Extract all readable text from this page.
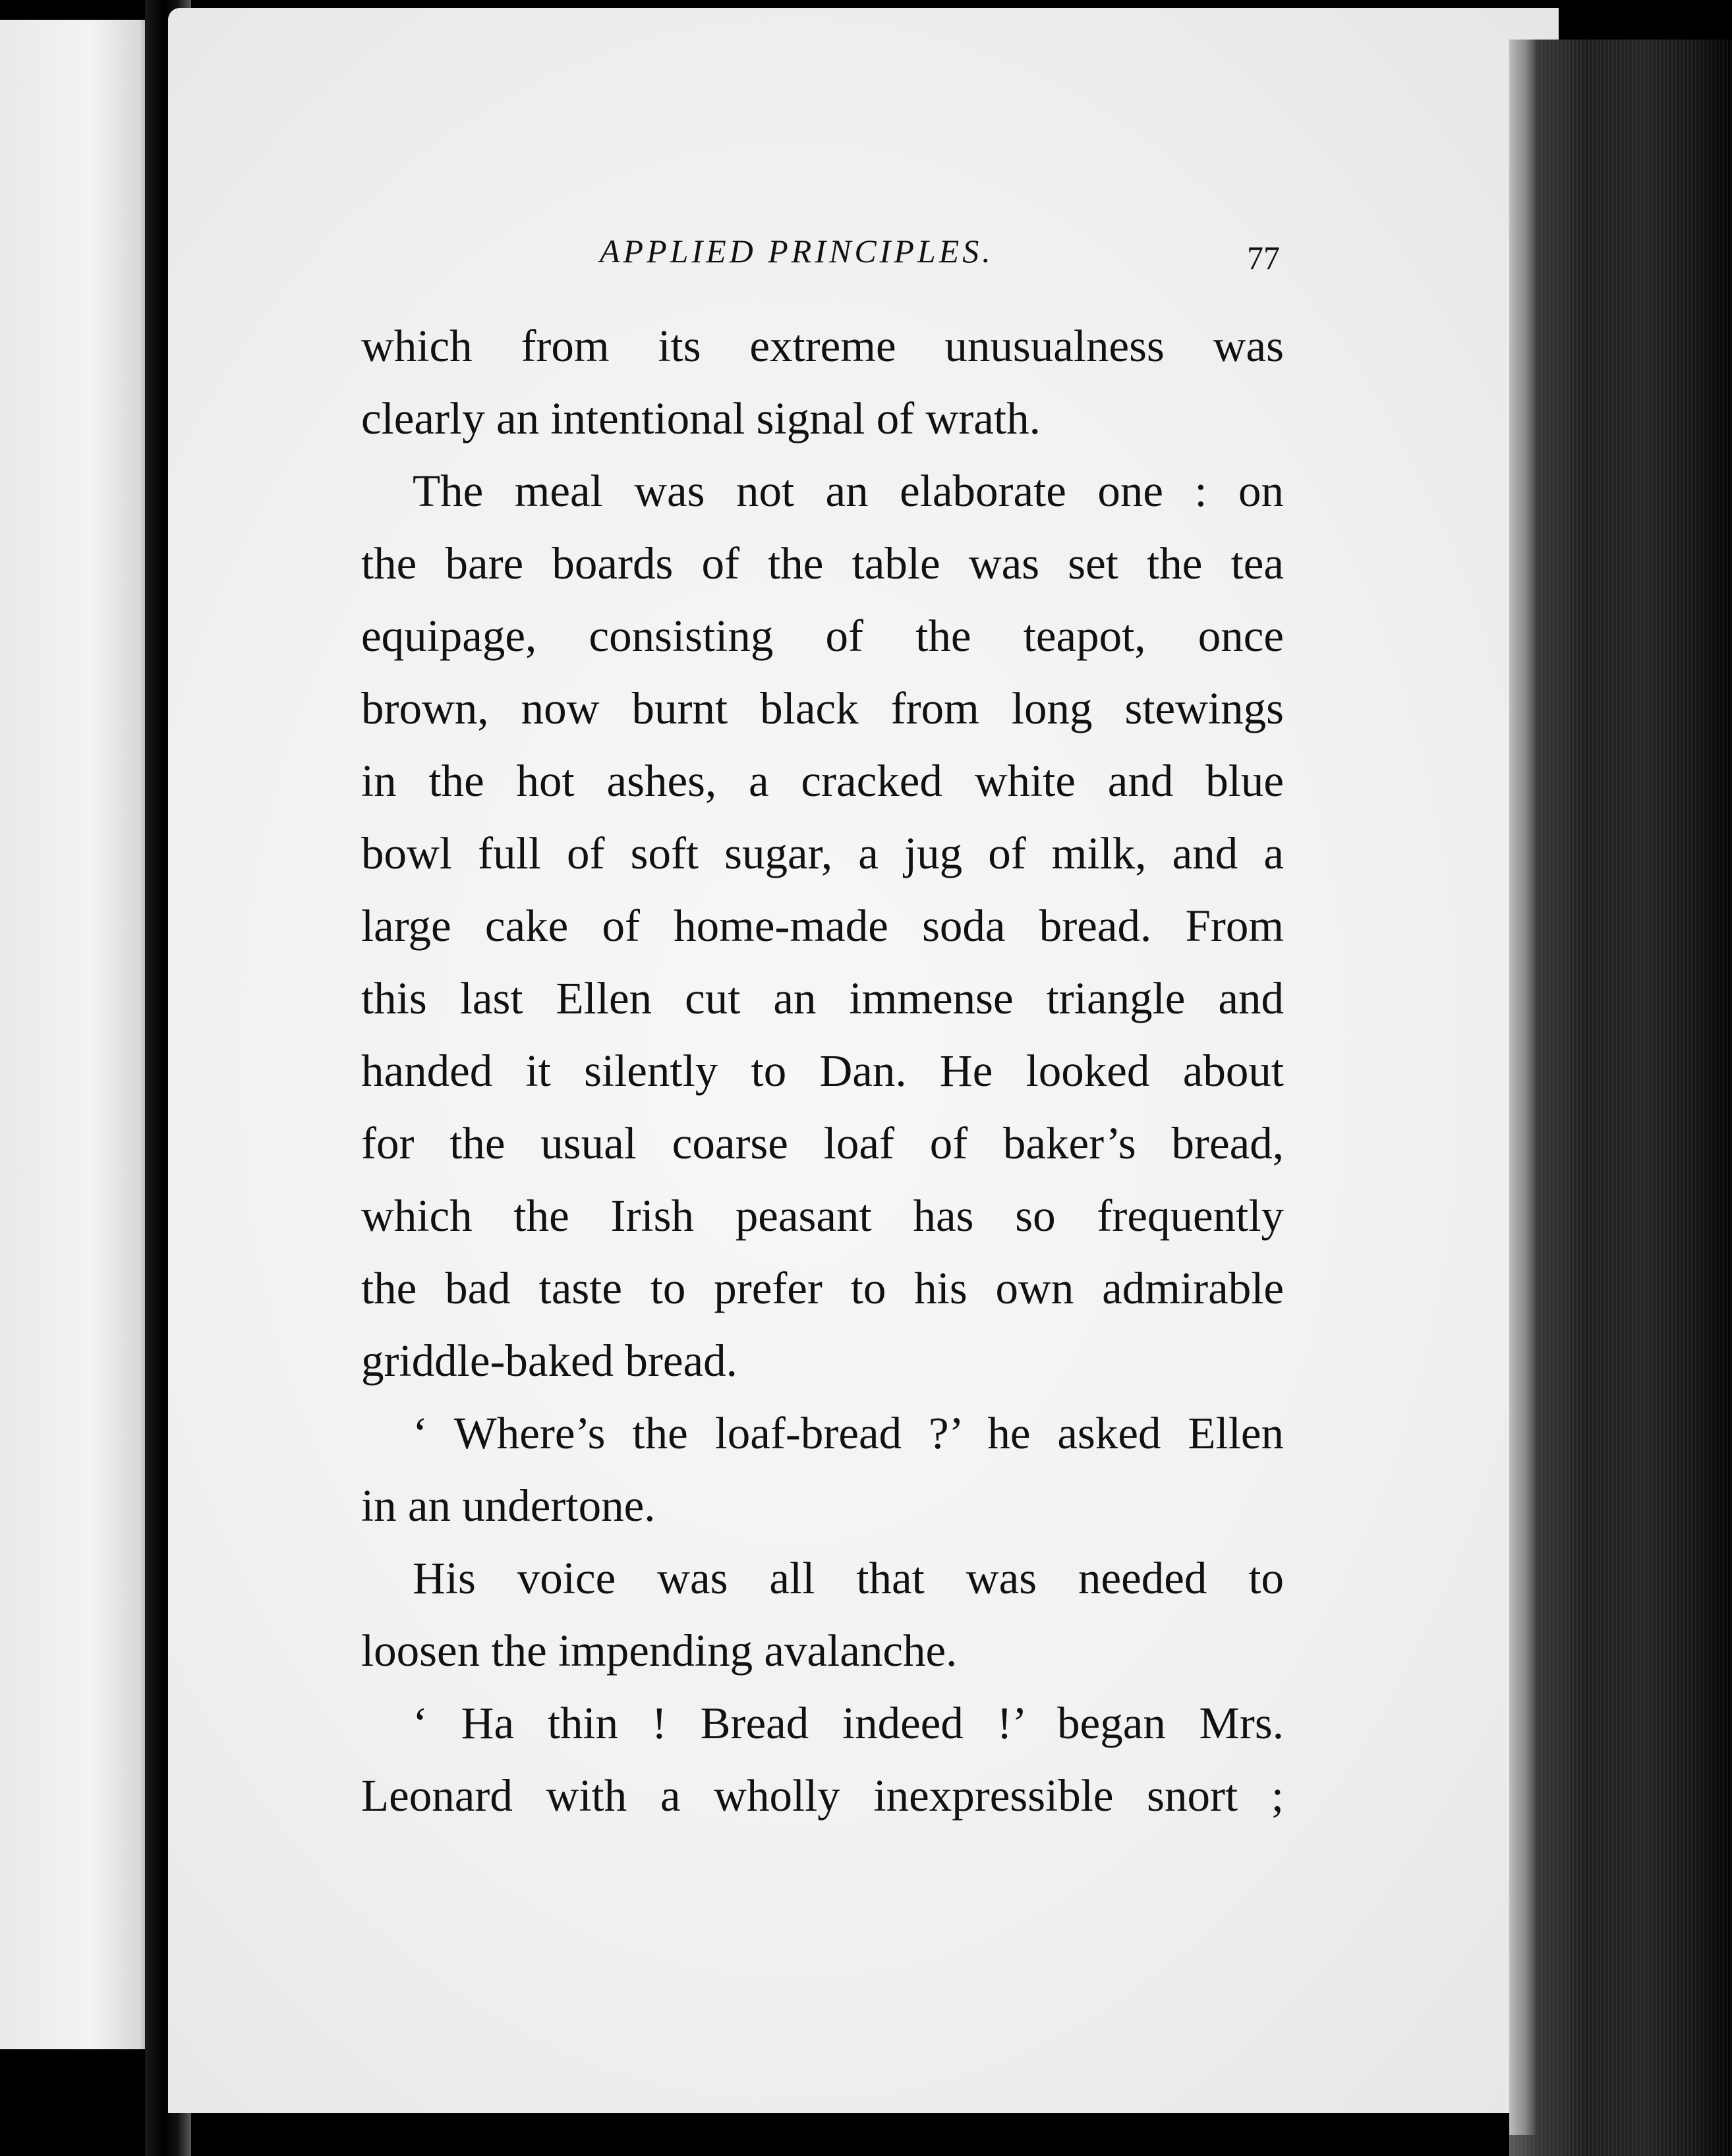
APPLIED PRINCIPLES.	77
which from its extreme unusualness was
clearly an intentional signal of wrath.
The meal was not an elaborate one : on
the bare boards of the table was set the tea
equipage, consisting of the teapot, once
brown, now burnt black from long stewings
in the hot ashes, a cracked white and blue
bowl full of soft sugar, a jug of milk, and a
large cake of home-made soda bread. From
this last Ellen cut an immense triangle and
handed it silently to Dan. He looked about
for the usual coarse loaf of baker’s bread,
which the Irish peasant has so frequently
the bad taste to prefer to his own admirable
griddle-baked bread.
‘ Where’s the loaf-bread ?’ he asked Ellen
in an undertone.
His voice was all that was needed to
loosen the impending avalanche.
‘ Ha thin ! Bread indeed !’ began Mrs.
Leonard with a wholly inexpressible snort ;
